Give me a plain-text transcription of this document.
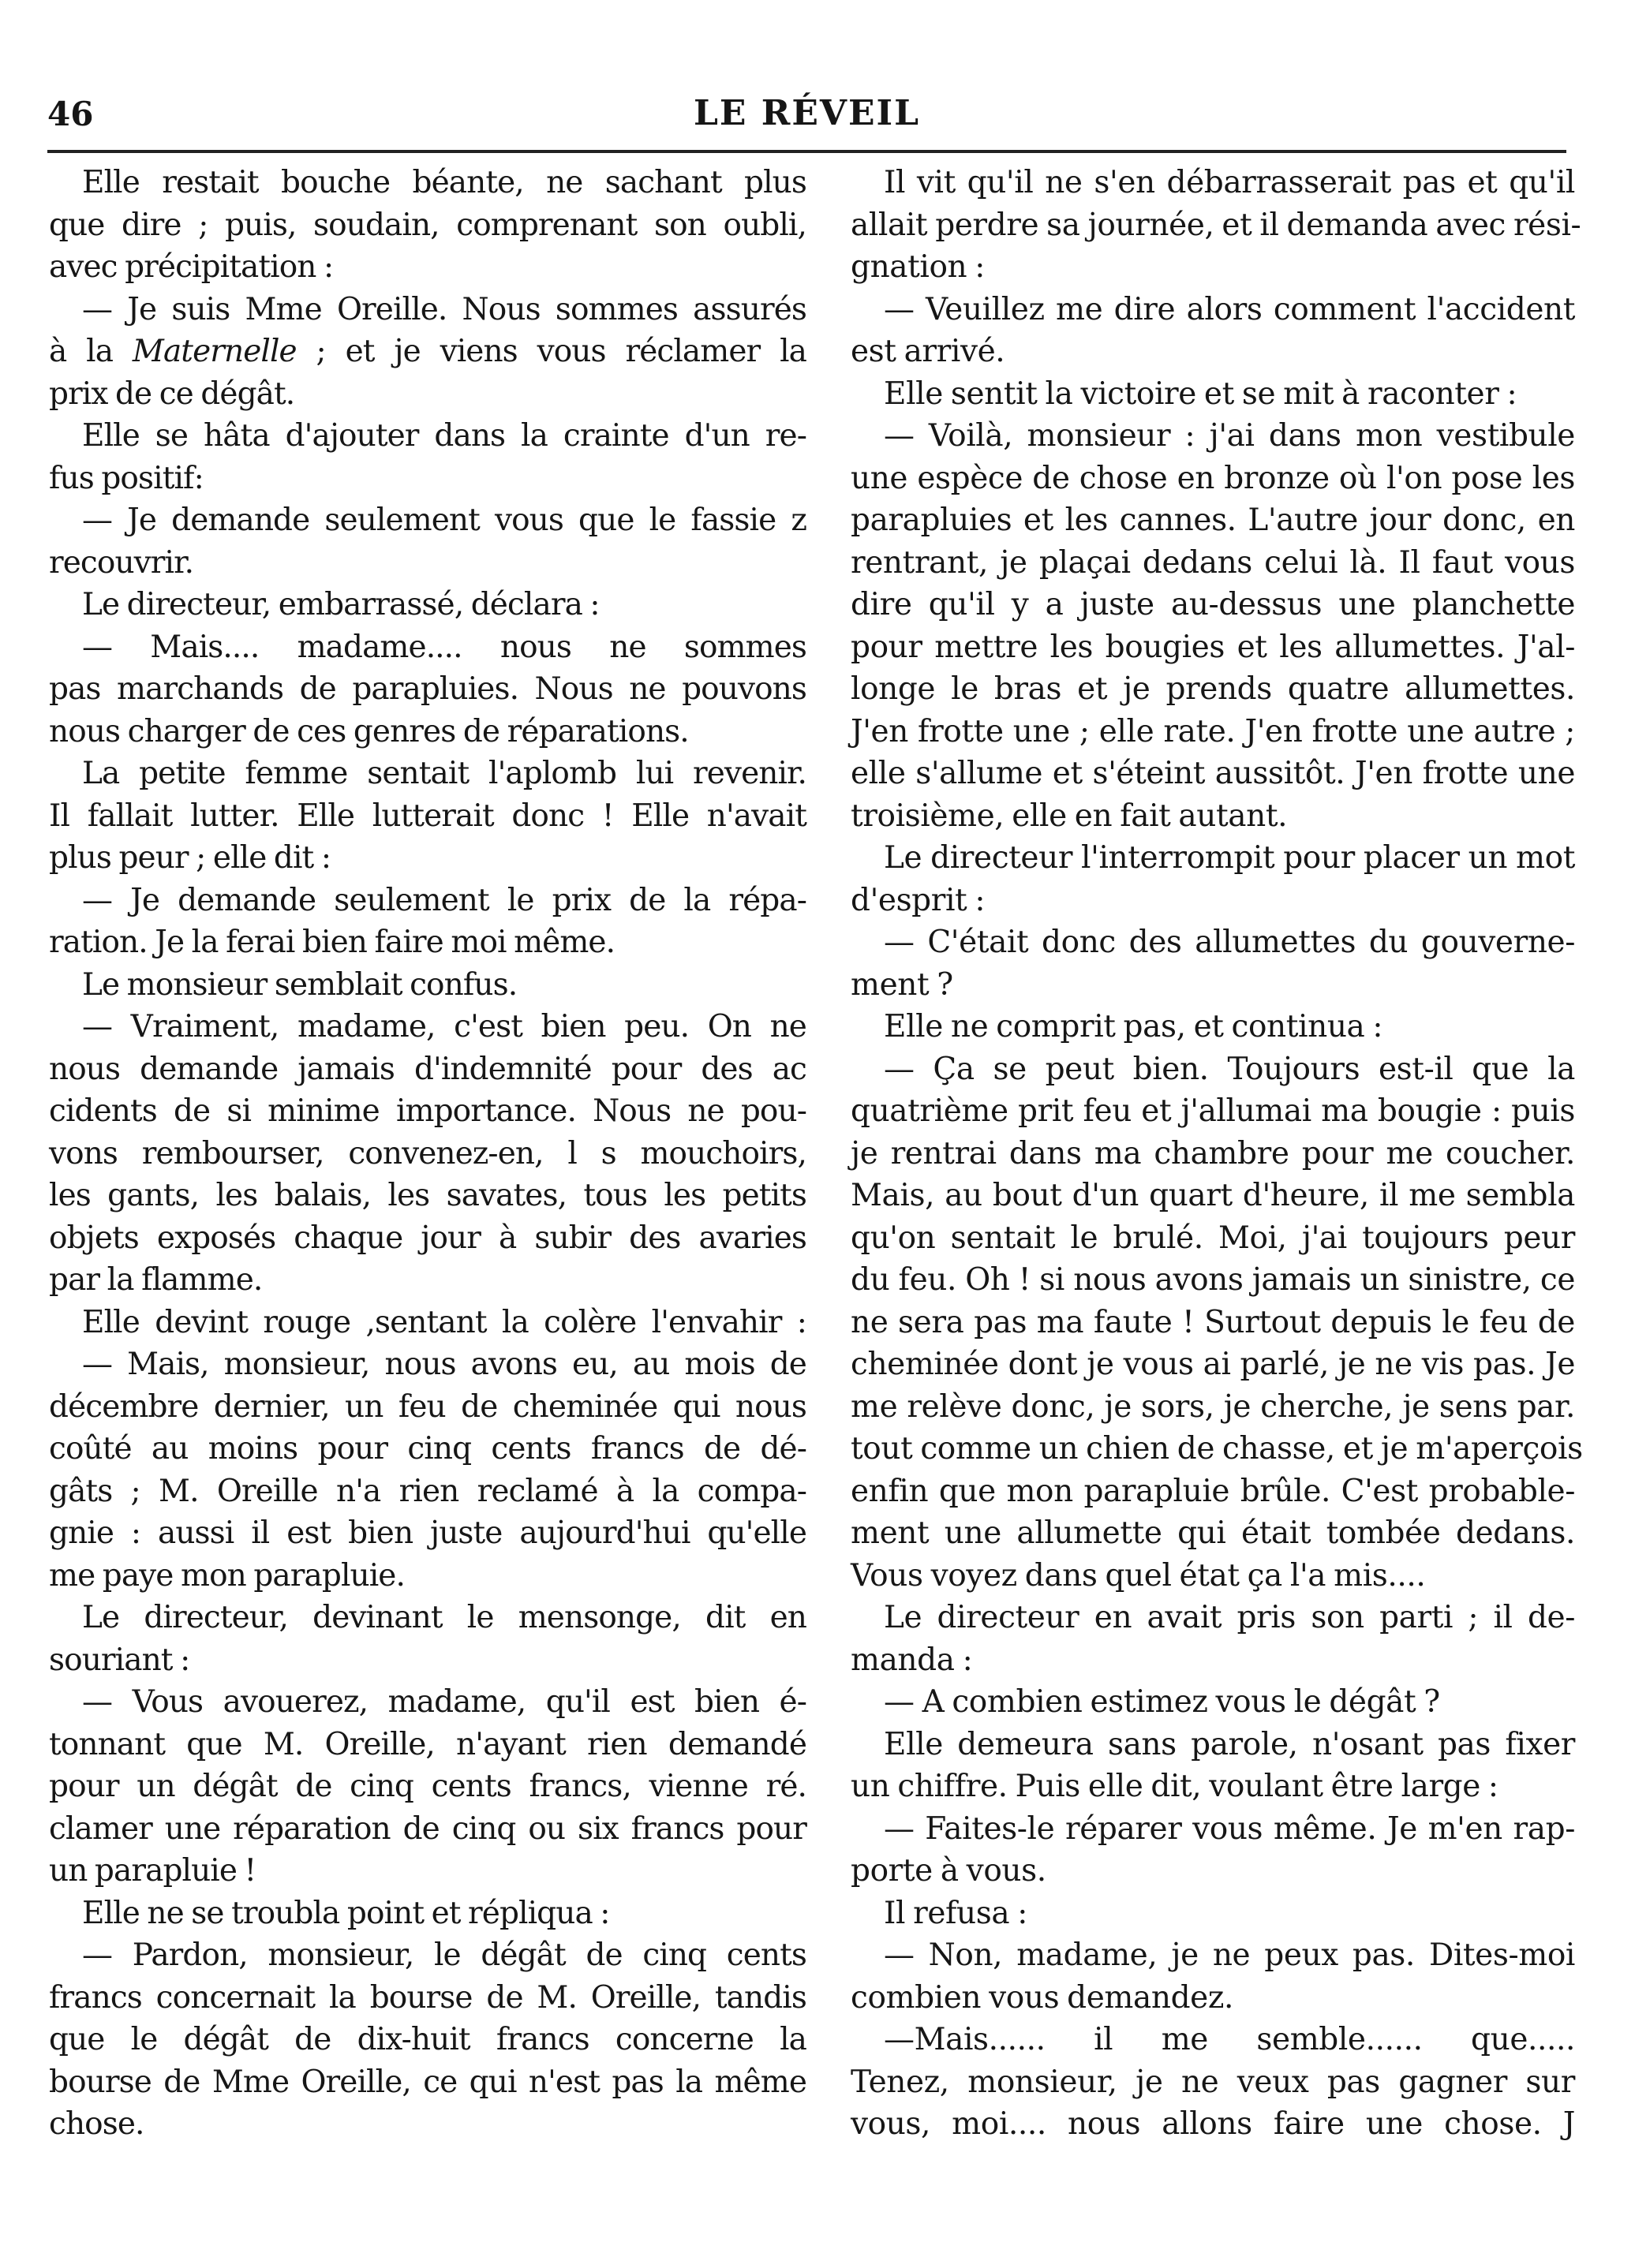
46	LE RÉVEIL
Elle restait bouche béante, ne sachant plus
que dire ; puis, soudain, comprenant son oubli,
avec précipitation :
— Je suis Mme Oreille. Nous sommes assurés
à la Maternelle ; et je viens vous réclamer la
prix de ce dégât.
Elle se hâta d'ajouter dans la crainte d'un re-
fus positif:
— Je demande seulement vous que le fassie z
recouvrir.
Le directeur, embarrassé, déclara :
— Mais.... madame.... nous ne sommes
pas marchands de parapluies. Nous ne pouvons
nous charger de ces genres de réparations.
La petite femme sentait l'aplomb lui revenir.
Il fallait lutter. Elle lutterait donc ! Elle n'avait
plus peur ; elle dit :
— Je demande seulement le prix de la répa-
ration. Je la ferai bien faire moi même.
Le monsieur semblait confus.
— Vraiment, madame, c'est bien peu. On ne
nous demande jamais d'indemnité pour des ac
cidents de si minime importance. Nous ne pou-
vons rembourser, convenez-en, l s mouchoirs,
les gants, les balais, les savates, tous les petits
objets exposés chaque jour à subir des avaries
par la flamme.
Elle devint rouge ,sentant la colère l'envahir :
— Mais, monsieur, nous avons eu, au mois de
décembre dernier, un feu de cheminée qui nous
coûté au moins pour cinq cents francs de dé-
gâts ; M. Oreille n'a rien reclamé à la compa-
gnie : aussi il est bien juste aujourd'hui qu'elle
me paye mon parapluie.
Le directeur, devinant le mensonge, dit en
souriant :
— Vous avouerez, madame, qu'il est bien é-
tonnant que M. Oreille, n'ayant rien demandé
pour un dégât de cinq cents francs, vienne ré.
clamer une réparation de cinq ou six francs pour
un parapluie !
Elle ne se troubla point et répliqua :
— Pardon, monsieur, le dégât de cinq cents
francs concernait la bourse de M. Oreille, tandis
que le dégât de dix-huit francs concerne la
bourse de Mme Oreille, ce qui n'est pas la même
chose.
Il vit qu'il ne s'en débarrasserait pas et qu'il
allait perdre sa journée, et il demanda avec rési-
gnation :
— Veuillez me dire alors comment l'accident
est arrivé.
Elle sentit la victoire et se mit à raconter :
— Voilà, monsieur : j'ai dans mon vestibule
une espèce de chose en bronze où l'on pose les
parapluies et les cannes. L'autre jour donc, en
rentrant, je plaçai dedans celui là. Il faut vous
dire qu'il y a juste au-dessus une planchette
pour mettre les bougies et les allumettes. J'al-
longe le bras et je prends quatre allumettes.
J'en frotte une ; elle rate. J'en frotte une autre ;
elle s'allume et s'éteint aussitôt. J'en frotte une
troisième, elle en fait autant.
Le directeur l'interrompit pour placer un mot
d'esprit :
— C'était donc des allumettes du gouverne-
ment ?
Elle ne comprit pas, et continua :
— Ça se peut bien. Toujours est-il que la
quatrième prit feu et j'allumai ma bougie : puis
je rentrai dans ma chambre pour me coucher.
Mais, au bout d'un quart d'heure, il me sembla
qu'on sentait le brulé. Moi, j'ai toujours peur
du feu. Oh ! si nous avons jamais un sinistre, ce
ne sera pas ma faute ! Surtout depuis le feu de
cheminée dont je vous ai parlé, je ne vis pas. Je
me relève donc, je sors, je cherche, je sens par.
tout comme un chien de chasse, et je m'aperçois
enfin que mon parapluie brûle. C'est probable-
ment une allumette qui était tombée dedans.
Vous voyez dans quel état ça l'a mis....
Le directeur en avait pris son parti ; il de-
manda :
— A combien estimez vous le dégât ?
Elle demeura sans parole, n'osant pas fixer
un chiffre. Puis elle dit, voulant être large :
— Faites-le réparer vous même. Je m'en rap-
porte à vous.
Il refusa :
— Non, madame, je ne peux pas. Dites-moi
combien vous demandez.
—Mais...... il me semble...... que.....
Tenez, monsieur, je ne veux pas gagner sur
vous, moi.... nous allons faire une chose. J
